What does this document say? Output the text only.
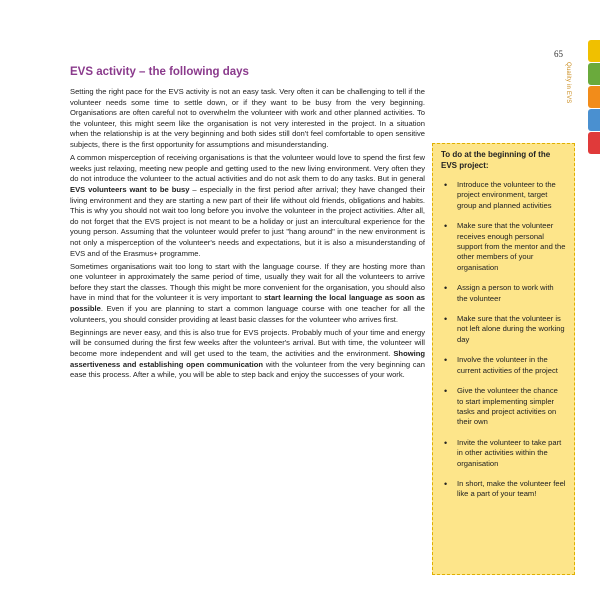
65
Quality in EVS
EVS activity – the following days

Setting the right pace for the EVS activity is not an easy task. Very often it can be challenging to tell if the volunteer needs some time to settle down, or if they want to be busy from the very beginning. Organisations are often careful not to overwhelm the volunteer with work and other planned activities. To the volunteer, this might seem like the organisation is not very interested in the project. In a situation when the relationship is at the very beginning and both sides still don't feel comfortable to open sensitive subjects, there is the first opportunity for assumptions and misunderstanding.

A common misperception of receiving organisations is that the volunteer would love to spend the first few weeks just relaxing, meeting new people and getting used to the new living environment. Very often they do not introduce the volunteer to the actual activities and do not ask them to do any tasks. But in general EVS volunteers want to be busy – especially in the first period after arrival; they have changed their living environment and they are starting a new part of their life without old friends, obligations and habits. This is why you should not wait too long before you involve the volunteer in the project activities. After all, do not forget that the EVS project is not meant to be a holiday or just an intercultural experience for the young person. Assuming that the volunteer would prefer to just "hang around" in the new environment is not only a misperception of the volunteer's needs and expectations, but it is also a misunderstanding of EVS and of the Erasmus+ programme.

Sometimes organisations wait too long to start with the language course. If they are hosting more than one volunteer in approximately the same period of time, usually they wait for all the volunteers to arrive before they start the classes. Though this might be more convenient for the organisation, you should also have in mind that for the volunteer it is very important to start learning the local language as soon as possible. Even if you are planning to start a common language course with one teacher for all the volunteers, you should consider providing at least basic classes for the volunteer who arrives first.

Beginnings are never easy, and this is also true for EVS projects. Probably much of your time and energy will be consumed during the first few weeks after the volunteer's arrival. But with time, the volunteer will become more independent and will get used to the team, the activities and the environment. Showing assertiveness and establishing open communication with the volunteer from the very beginning can ease this process. After a while, you will be able to step back and enjoy the successes of your work.

To do at the beginning of the EVS project:
• Introduce the volunteer to the project environment, target group and planned activities
• Make sure that the volunteer receives enough personal support from the mentor and the other members of your organisation
• Assign a person to work with the volunteer
• Make sure that the volunteer is not left alone during the working day
• Involve the volunteer in the current activities of the project
• Give the volunteer the chance to start implementing simpler tasks and project activities on their own
• Invite the volunteer to take part in other activities within the organisation
• In short, make the volunteer feel like a part of your team!
